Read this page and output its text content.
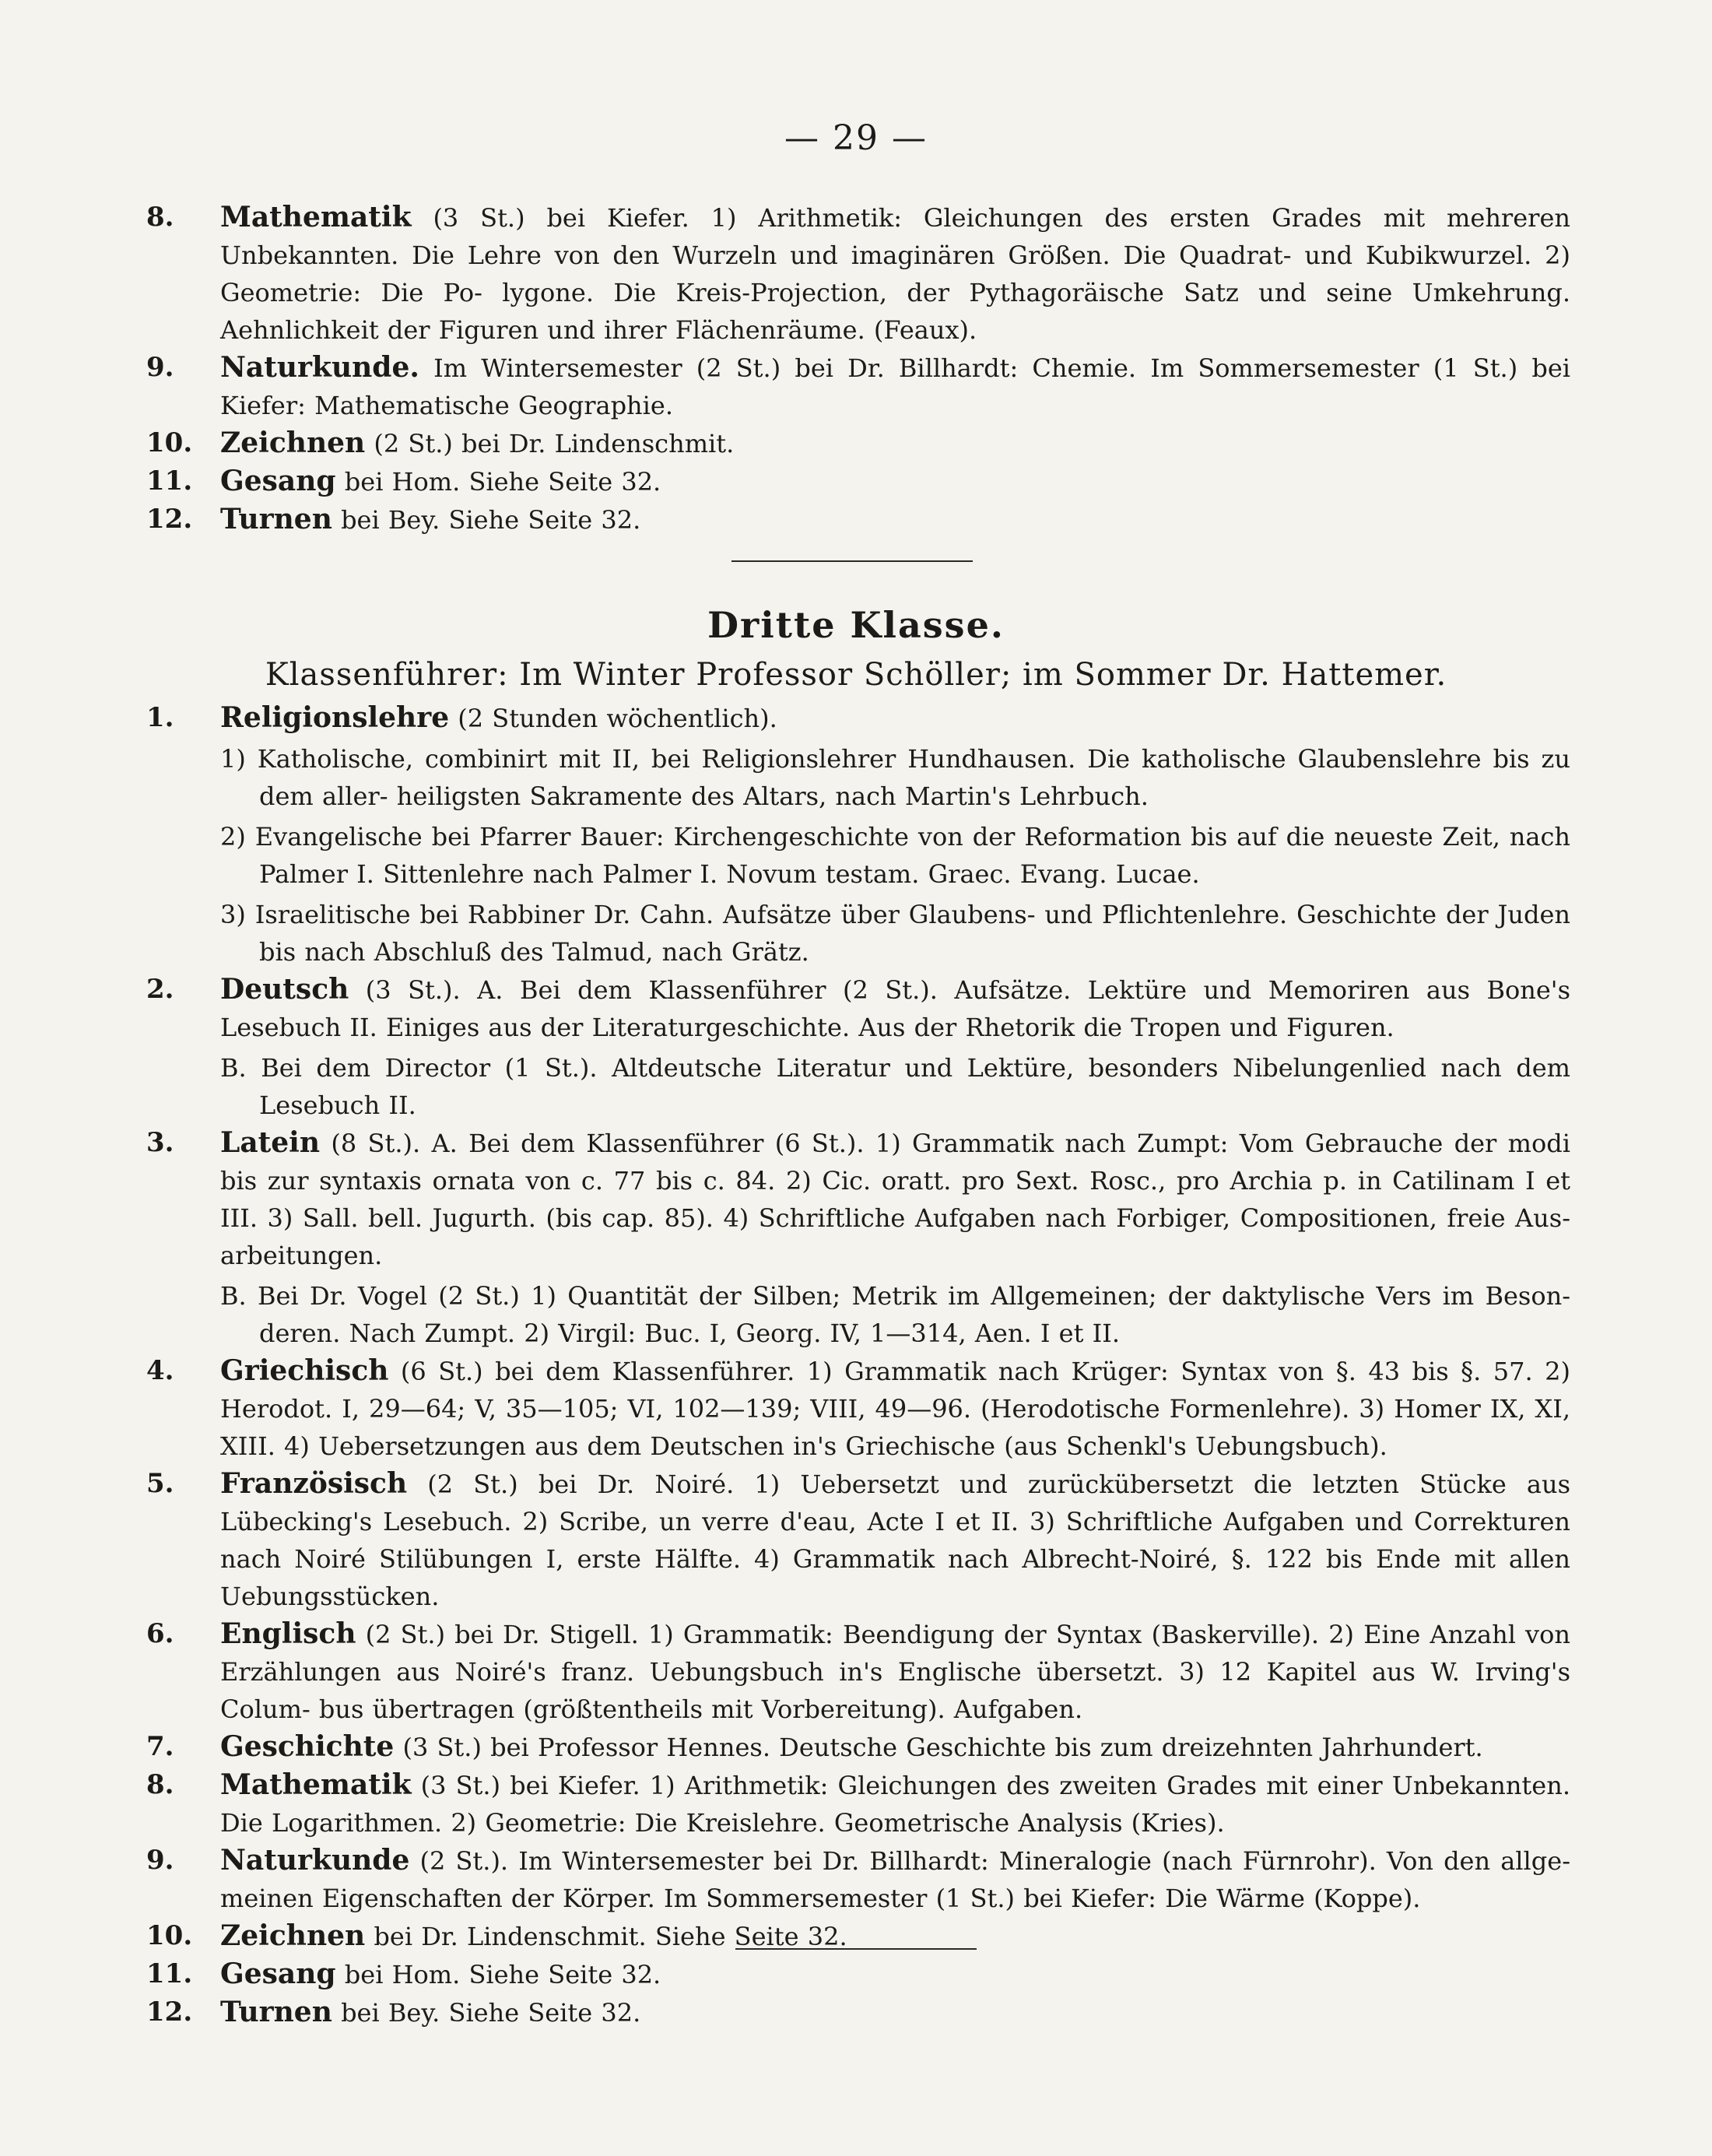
— 29 —
8.	Mathematik (3 St.) bei Kiefer. 1) Arithmetik: Gleichungen des ersten Grades mit mehreren Unbekannten. Die Lehre von den Wurzeln und imaginären Größen. Die Quadrat- und Kubikwurzel. 2) Geometrie: Die Po- lygone. Die Kreis-Projection, der Pythagoräische Satz und seine Umkehrung. Aehnlichkeit der Figuren und ihrer Flächenräume. (Feaux).
9.	Naturkunde. Im Wintersemester (2 St.) bei Dr. Billhardt: Chemie. Im Sommersemester (1 St.) bei Kiefer: Mathematische Geographie.
10. Zeichnen (2 St.) bei Dr. Lindenschmit.
11. Gesang bei Hom. Siehe Seite 32.
12. Turnen bei Bey. Siehe Seite 32.
Dritte Klasse.
Klassenführer: Im Winter Professor Schöller; im Sommer Dr. Hattemer.
1.	Religionslehre (2 Stunden wöchentlich).
1) Katholische, combinirt mit II, bei Religionslehrer Hundhausen. Die katholische Glaubenslehre bis zu dem aller- heiligsten Sakramente des Altars, nach Martin's Lehrbuch.
2) Evangelische bei Pfarrer Bauer: Kirchengeschichte von der Reformation bis auf die neueste Zeit, nach Palmer I. Sittenlehre nach Palmer I. Novum testam. Graec. Evang. Lucae.
3) Israelitische bei Rabbiner Dr. Cahn. Aufsätze über Glaubens- und Pflichtenlehre. Geschichte der Juden bis nach Abschluß des Talmud, nach Grätz.
2.	Deutsch (3 St.). A. Bei dem Klassenführer (2 St.). Aufsätze. Lektüre und Memoriren aus Bone's Lesebuch II. Einiges aus der Literaturgeschichte. Aus der Rhetorik die Tropen und Figuren.
B. Bei dem Director (1 St.). Altdeutsche Literatur und Lektüre, besonders Nibelungenlied nach dem Lesebuch II.
3.	Latein (8 St.). A. Bei dem Klassenführer (6 St.). 1) Grammatik nach Zumpt: Vom Gebrauche der modi bis zur syntaxis ornata von c. 77 bis c. 84. 2) Cic. oratt. pro Sext. Rosc., pro Archia p. in Catilinam I et III. 3) Sall. bell. Jugurth. (bis cap. 85). 4) Schriftliche Aufgaben nach Forbiger, Compositionen, freie Aus- arbeitungen.
B. Bei Dr. Vogel (2 St.) 1) Quantität der Silben; Metrik im Allgemeinen; der daktylische Vers im Beson- deren. Nach Zumpt. 2) Virgil: Buc. I, Georg. IV, 1—314, Aen. I et II.
4.	Griechisch (6 St.) bei dem Klassenführer. 1) Grammatik nach Krüger: Syntax von §. 43 bis §. 57. 2) Herodot. I, 29—64; V, 35—105; VI, 102—139; VIII, 49—96. (Herodotische Formenlehre). 3) Homer IX, XI, XIII. 4) Uebersetzungen aus dem Deutschen in's Griechische (aus Schenkl's Uebungsbuch).
5.	Französisch (2 St.) bei Dr. Noiré. 1) Uebersetzt und zurückübersetzt die letzten Stücke aus Lübecking's Lesebuch. 2) Scribe, un verre d'eau, Acte I et II. 3) Schriftliche Aufgaben und Correkturen nach Noiré Stilübungen I, erste Hälfte. 4) Grammatik nach Albrecht-Noiré, §. 122 bis Ende mit allen Uebungsstücken.
6.	Englisch (2 St.) bei Dr. Stigell. 1) Grammatik: Beendigung der Syntax (Baskerville). 2) Eine Anzahl von Erzählungen aus Noiré's franz. Uebungsbuch in's Englische übersetzt. 3) 12 Kapitel aus W. Irving's Colum- bus übertragen (größtentheils mit Vorbereitung). Aufgaben.
7.	Geschichte (3 St.) bei Professor Hennes. Deutsche Geschichte bis zum dreizehnten Jahrhundert.
8.	Mathematik (3 St.) bei Kiefer. 1) Arithmetik: Gleichungen des zweiten Grades mit einer Unbekannten. Die Logarithmen. 2) Geometrie: Die Kreislehre. Geometrische Analysis (Kries).
9.	Naturkunde (2 St.). Im Wintersemester bei Dr. Billhardt: Mineralogie (nach Fürnrohr). Von den allge- meinen Eigenschaften der Körper. Im Sommersemester (1 St.) bei Kiefer: Die Wärme (Koppe).
10. Zeichnen bei Dr. Lindenschmit. Siehe Seite 32.
11. Gesang bei Hom. Siehe Seite 32.
12. Turnen bei Bey. Siehe Seite 32.
